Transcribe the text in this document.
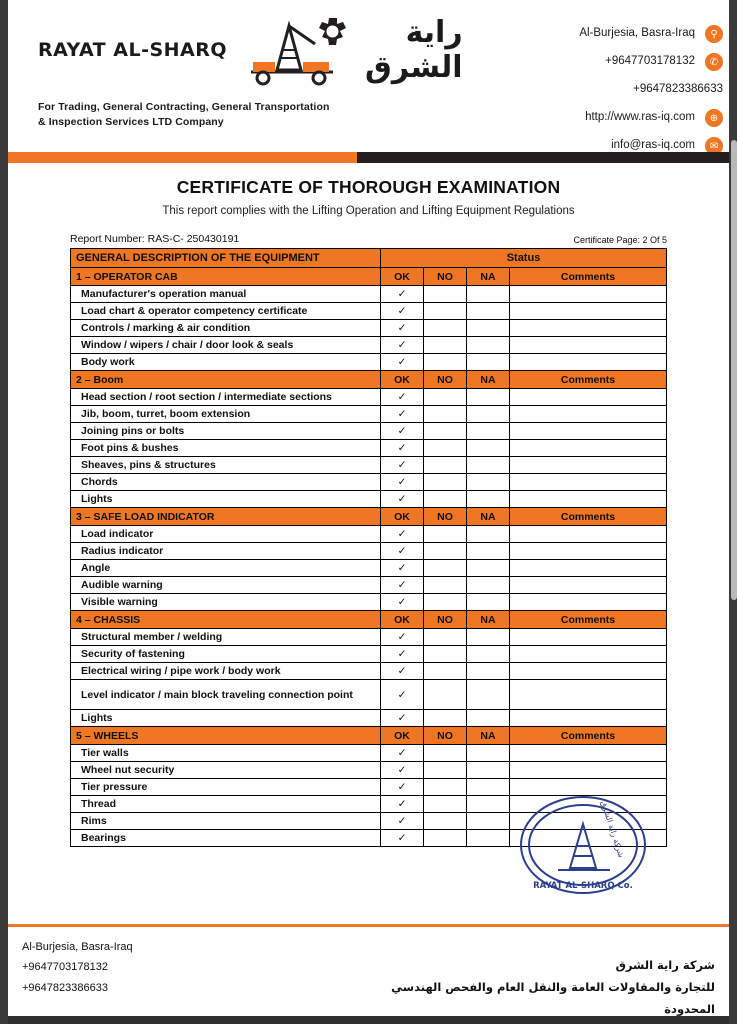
RAYAT AL-SHARQ	راية الشرق
For Trading, General Contracting, General Transportation
& Inspection Services LTD Company
Al-Burjesia, Basra-Iraq	⚲
+9647703178132	✆
+9647823386633
http://www.ras-iq.com	⊕
info@ras-iq.com	✉
CERTIFICATE OF THOROUGH EXAMINATION
This report complies with the Lifting Operation and Lifting Equipment Regulations
Report Number: RAS-C- 250430191	Certificate Page: 2 Of 5
GENERAL DESCRIPTION OF THE EQUIPMENT	Status			
1 – OPERATOR CAB	OK	NO	NA	Comments
Manufacturer's operation manual	✓			
Load chart & operator competency certificate	✓			
Controls / marking & air condition	✓			
Window / wipers / chair / door look & seals	✓			
Body work	✓			
2 – Boom	OK	NO	NA	Comments
Head section / root section / intermediate sections	✓			
Jib, boom, turret, boom extension	✓			
Joining pins or bolts	✓			
Foot pins & bushes	✓			
Sheaves, pins & structures	✓			
Chords	✓			
Lights	✓			
3 – SAFE LOAD INDICATOR	OK	NO	NA	Comments
Load indicator	✓			
Radius indicator	✓			
Angle	✓			
Audible warning	✓			
Visible warning	✓			
4 – CHASSIS	OK	NO	NA	Comments
Structural member / welding	✓			
Security of fastening	✓			
Electrical wiring / pipe work / body work	✓			
Level indicator / main block traveling connection point	✓			
Lights	✓			
5 – WHEELS	OK	NO	NA	Comments
Tier walls	✓			
Wheel nut security	✓			
Tier pressure	✓			
Thread	✓			
Rims	✓			
Bearings	✓			
RAYAT AL-SHARQ Co.
شركة راية الشرق
Al-Burjesia, Basra-Iraq
+9647703178132
+9647823386633
شركة راية الشرق
للتجارة والمقاولات العامة والنقل العام والفحص الهندسي المحدودة
